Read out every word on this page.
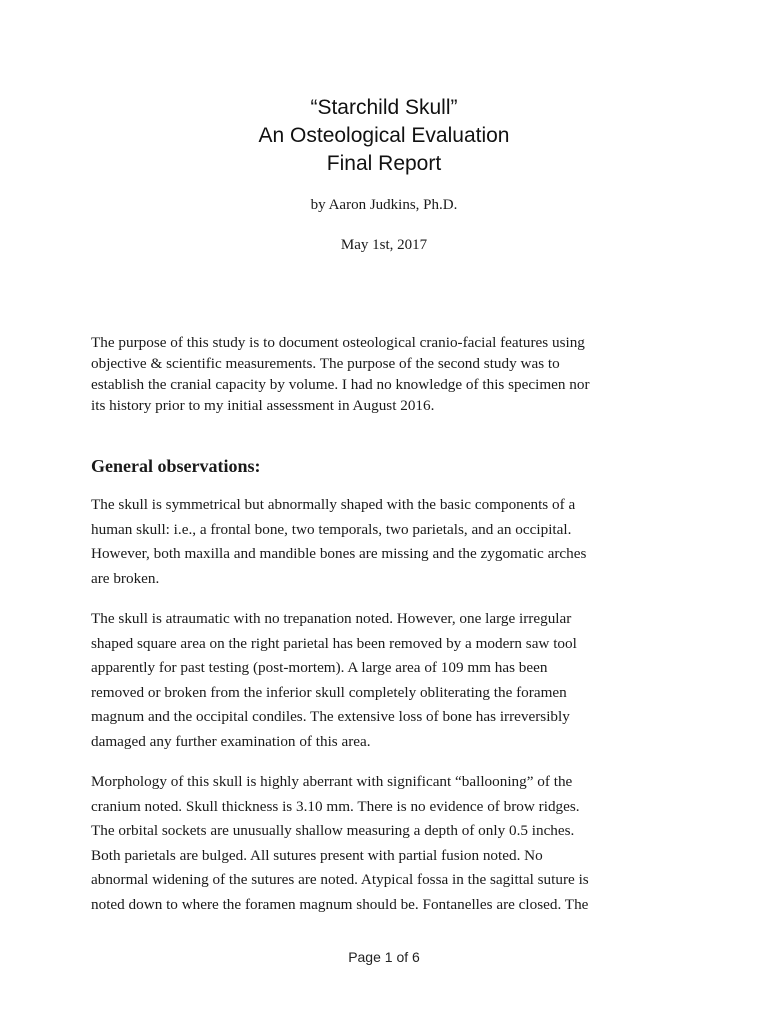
“Starchild Skull”
An Osteological Evaluation
Final Report
by Aaron Judkins, Ph.D.
May 1st, 2017

The purpose of this study is to document osteological cranio-facial features using
objective & scientific measurements. The purpose of the second study was to
establish the cranial capacity by volume. I had no knowledge of this specimen nor
its history prior to my initial assessment in August 2016.

General observations:

The skull is symmetrical but abnormally shaped with the basic components of a
human skull: i.e., a frontal bone, two temporals, two parietals, and an occipital.
However, both maxilla and mandible bones are missing and the zygomatic arches
are broken.

The skull is atraumatic with no trepanation noted. However, one large irregular
shaped square area on the right parietal has been removed by a modern saw tool
apparently for past testing (post-mortem). A large area of 109 mm has been
removed or broken from the inferior skull completely obliterating the foramen
magnum and the occipital condiles. The extensive loss of bone has irreversibly
damaged any further examination of this area.

Morphology of this skull is highly aberrant with significant “ballooning” of the
cranium noted. Skull thickness is 3.10 mm. There is no evidence of brow ridges.
The orbital sockets are unusually shallow measuring a depth of only 0.5 inches.
Both parietals are bulged. All sutures present with partial fusion noted. No
abnormal widening of the sutures are noted. Atypical fossa in the sagittal suture is
noted down to where the foramen magnum should be. Fontanelles are closed. The

Page 1 of 6
